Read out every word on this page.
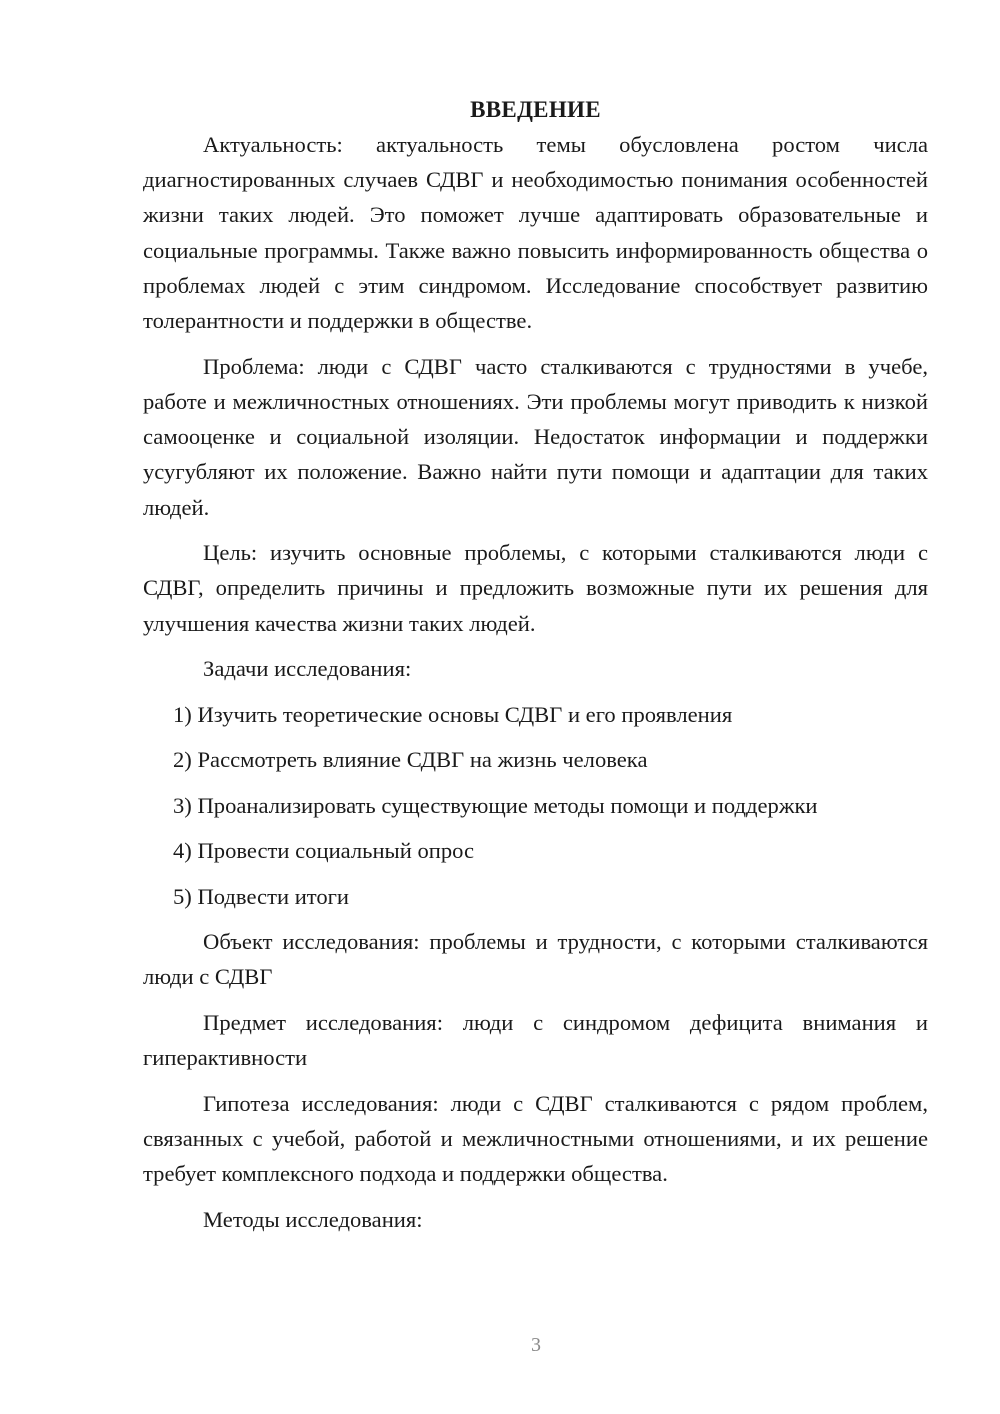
ВВЕДЕНИЕ

Актуальность: актуальность темы обусловлена ростом числа диагностированных случаев СДВГ и необходимостью понимания особенностей жизни таких людей. Это поможет лучше адаптировать образовательные и социальные программы. Также важно повысить информированность общества о проблемах людей с этим синдромом. Исследование способствует развитию толерантности и поддержки в обществе.

Проблема: люди с СДВГ часто сталкиваются с трудностями в учебе, работе и межличностных отношениях. Эти проблемы могут приводить к низкой самооценке и социальной изоляции. Недостаток информации и поддержки усугубляют их положение. Важно найти пути помощи и адаптации для таких людей.

Цель: изучить основные проблемы, с которыми сталкиваются люди с СДВГ, определить причины и предложить возможные пути их решения для улучшения качества жизни таких людей.

Задачи исследования:

1) Изучить теоретические основы СДВГ и его проявления
2) Рассмотреть влияние СДВГ на жизнь человека
3) Проанализировать существующие методы помощи и поддержки
4) Провести социальный опрос
5) Подвести итоги

Объект исследования: проблемы и трудности, с которыми сталкиваются люди с СДВГ

Предмет исследования: люди с синдромом дефицита внимания и гиперактивности

Гипотеза исследования: люди с СДВГ сталкиваются с рядом проблем, связанных с учебой, работой и межличностными отношениями, и их решение требует комплексного подхода и поддержки общества.

Методы исследования:

3
